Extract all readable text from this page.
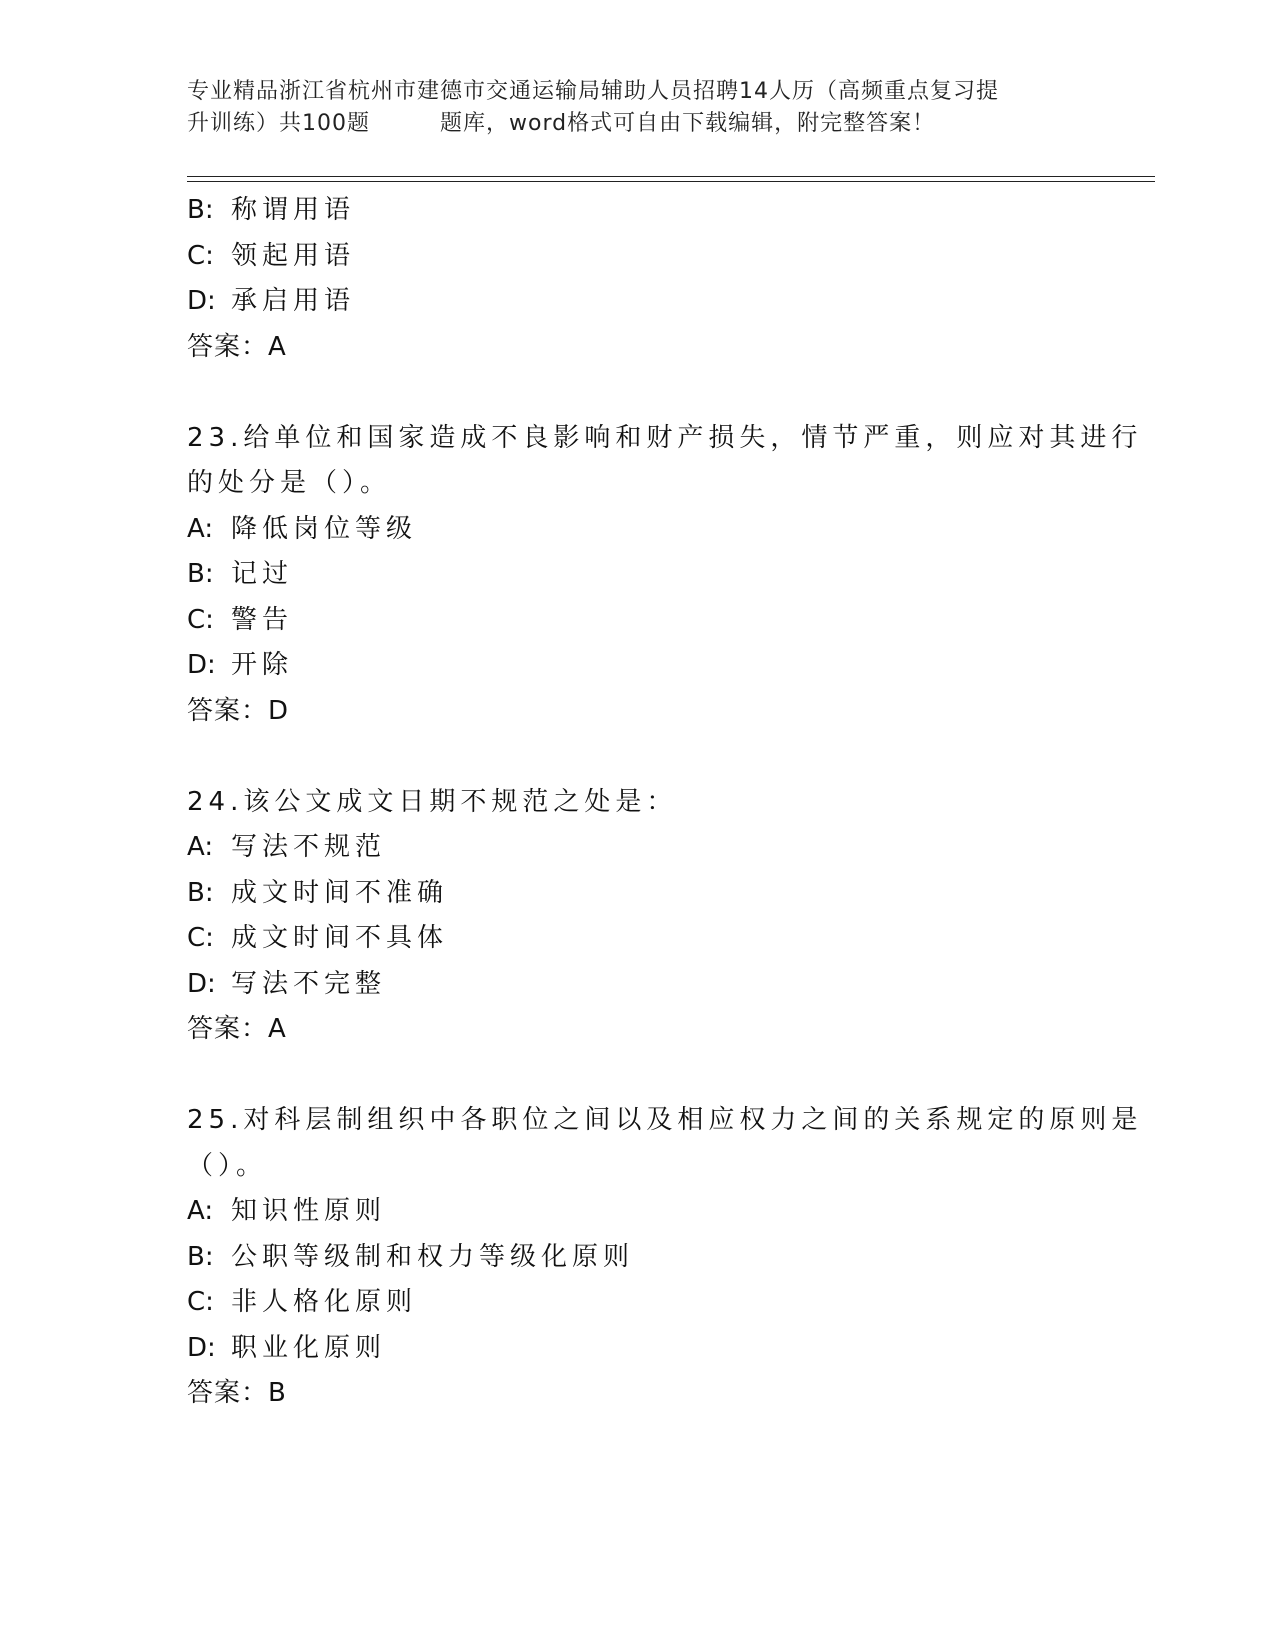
专业精品浙江省杭州市建德市交通运输局辅助人员招聘14人历（高频重点复习提
升训练）共100题	题库，word格式可自由下载编辑，附完整答案！
B: 称谓用语
C: 领起用语
D: 承启用语
答案：A
23.给单位和国家造成不良影响和财产损失，情节严重，则应对其进行
的处分是（）。
A: 降低岗位等级
B: 记过
C: 警告
D: 开除
答案：D
24.该公文成文日期不规范之处是：
A: 写法不规范
B: 成文时间不准确
C: 成文时间不具体
D: 写法不完整
答案：A
25.对科层制组织中各职位之间以及相应权力之间的关系规定的原则是
（）。
A: 知识性原则
B: 公职等级制和权力等级化原则
C: 非人格化原则
D: 职业化原则
答案：B
